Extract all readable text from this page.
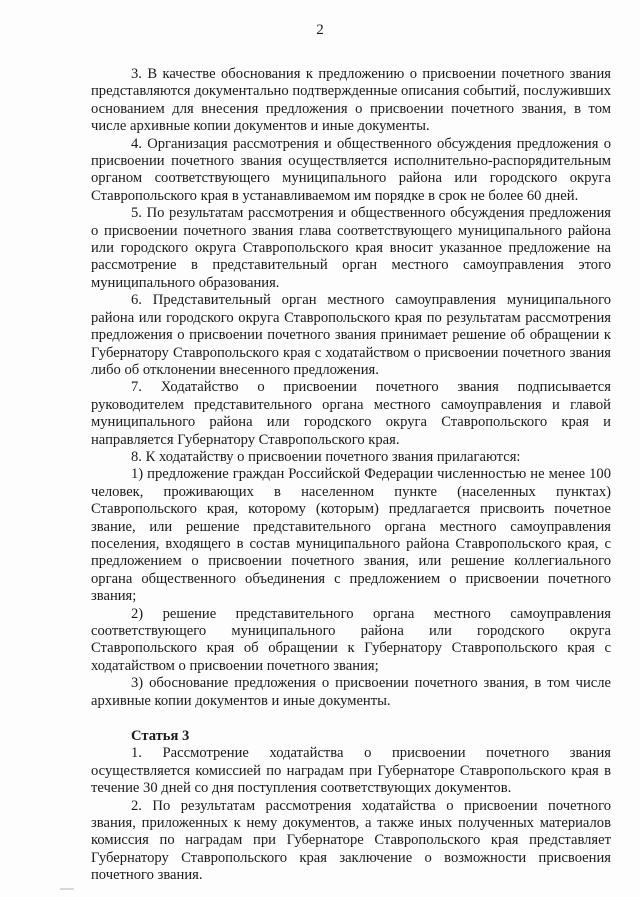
2

3. В качестве обоснования к предложению о присвоении почетного звания представляются документально подтвержденные описания событий, послуживших основанием для внесения предложения о присвоении почетного звания, в том числе архивные копии документов и иные документы.

4. Организация рассмотрения и общественного обсуждения предложения о присвоении почетного звания осуществляется исполнительно-распорядительным органом соответствующего муниципального района или городского округа Ставропольского края в устанавливаемом им порядке в срок не более 60 дней.

5. По результатам рассмотрения и общественного обсуждения предложения о присвоении почетного звания глава соответствующего муниципального района или городского округа Ставропольского края вносит указанное предложение на рассмотрение в представительный орган местного самоуправления этого муниципального образования.

6. Представительный орган местного самоуправления муниципального района или городского округа Ставропольского края по результатам рассмотрения предложения о присвоении почетного звания принимает решение об обращении к Губернатору Ставропольского края с ходатайством о присвоении почетного звания либо об отклонении внесенного предложения.

7. Ходатайство о присвоении почетного звания подписывается руководителем представительного органа местного самоуправления и главой муниципального района или городского округа Ставропольского края и направляется Губернатору Ставропольского края.

8. К ходатайству о присвоении почетного звания прилагаются:

1) предложение граждан Российской Федерации численностью не менее 100 человек, проживающих в населенном пункте (населенных пунктах) Ставропольского края, которому (которым) предлагается присвоить почетное звание, или решение представительного органа местного самоуправления поселения, входящего в состав муниципального района Ставропольского края, с предложением о присвоении почетного звания, или решение коллегиального органа общественного объединения с предложением о присвоении почетного звания;

2) решение представительного органа местного самоуправления соответствующего муниципального района или городского округа Ставропольского края об обращении к Губернатору Ставропольского края с ходатайством о присвоении почетного звания;

3) обоснование предложения о присвоении почетного звания, в том числе архивные копии документов и иные документы.

Статья 3

1. Рассмотрение ходатайства о присвоении почетного звания осуществляется комиссией по наградам при Губернаторе Ставропольского края в течение 30 дней со дня поступления соответствующих документов.

2. По результатам рассмотрения ходатайства о присвоении почетного звания, приложенных к нему документов, а также иных полученных материалов комиссия по наградам при Губернаторе Ставропольского края представляет Губернатору Ставропольского края заключение о возможности присвоения почетного звания.
